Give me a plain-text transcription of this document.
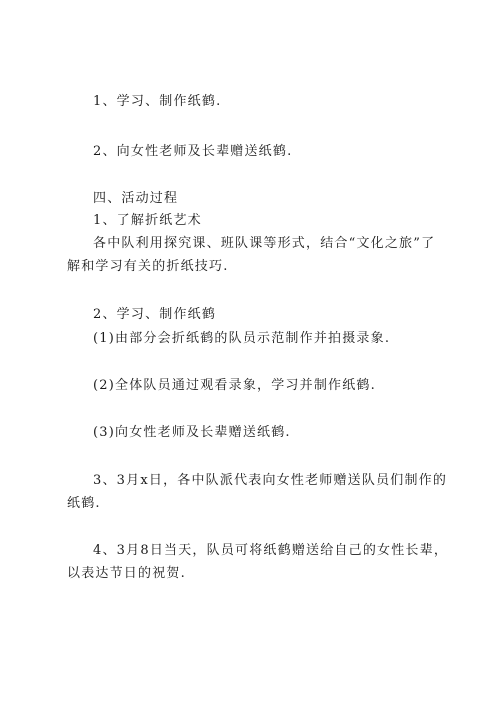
1、学习、制作纸鹤.
2、向女性老师及长辈赠送纸鹤.
四、活动过程
1、了解折纸艺术
各中队利用探究课、班队课等形式，结合“文化之旅”了
解和学习有关的折纸技巧.
2、学习、制作纸鹤
(1)由部分会折纸鹤的队员示范制作并拍摄录象.
(2)全体队员通过观看录象，学习并制作纸鹤.
(3)向女性老师及长辈赠送纸鹤.
3、3月x日，各中队派代表向女性老师赠送队员们制作的
纸鹤.
4、3月8日当天，队员可将纸鹤赠送给自己的女性长辈，
以表达节日的祝贺.
